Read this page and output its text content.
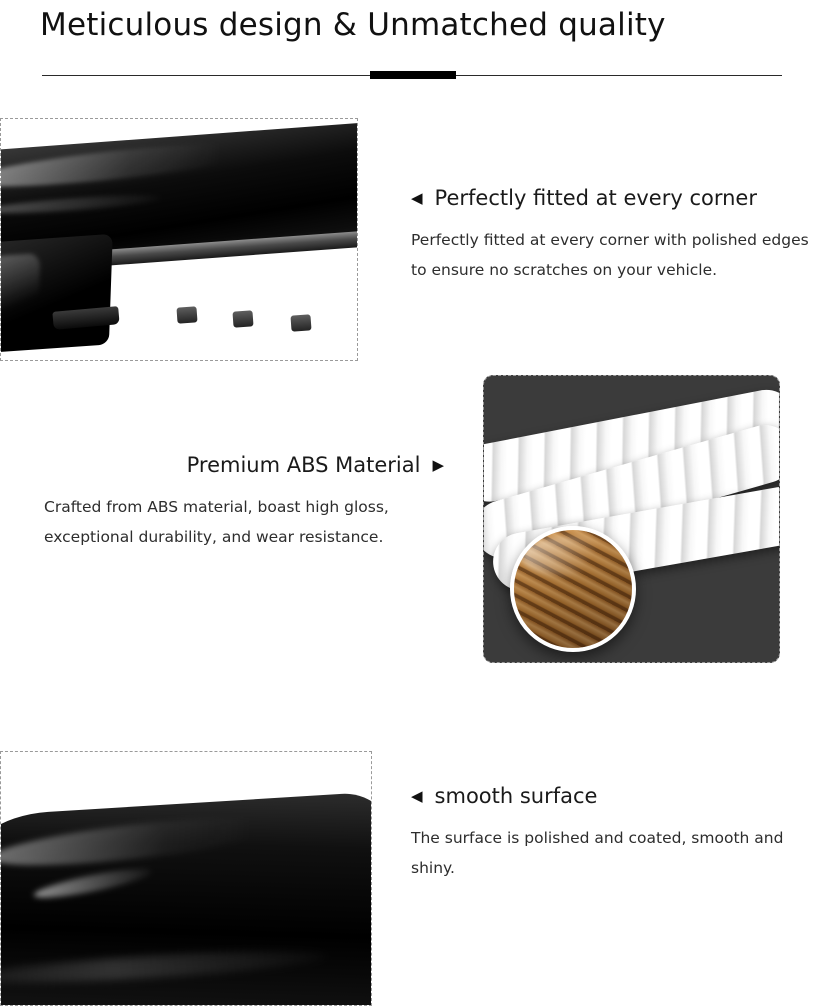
Meticulous design & Unmatched quality
◀ Perfectly fitted at every corner
Perfectly fitted at every corner with polished edges to ensure no scratches on your vehicle.
Premium ABS Material ▶
Crafted from ABS material, boast high gloss, exceptional durability, and wear resistance.
◀ smooth surface
The surface is polished and coated, smooth and shiny.
